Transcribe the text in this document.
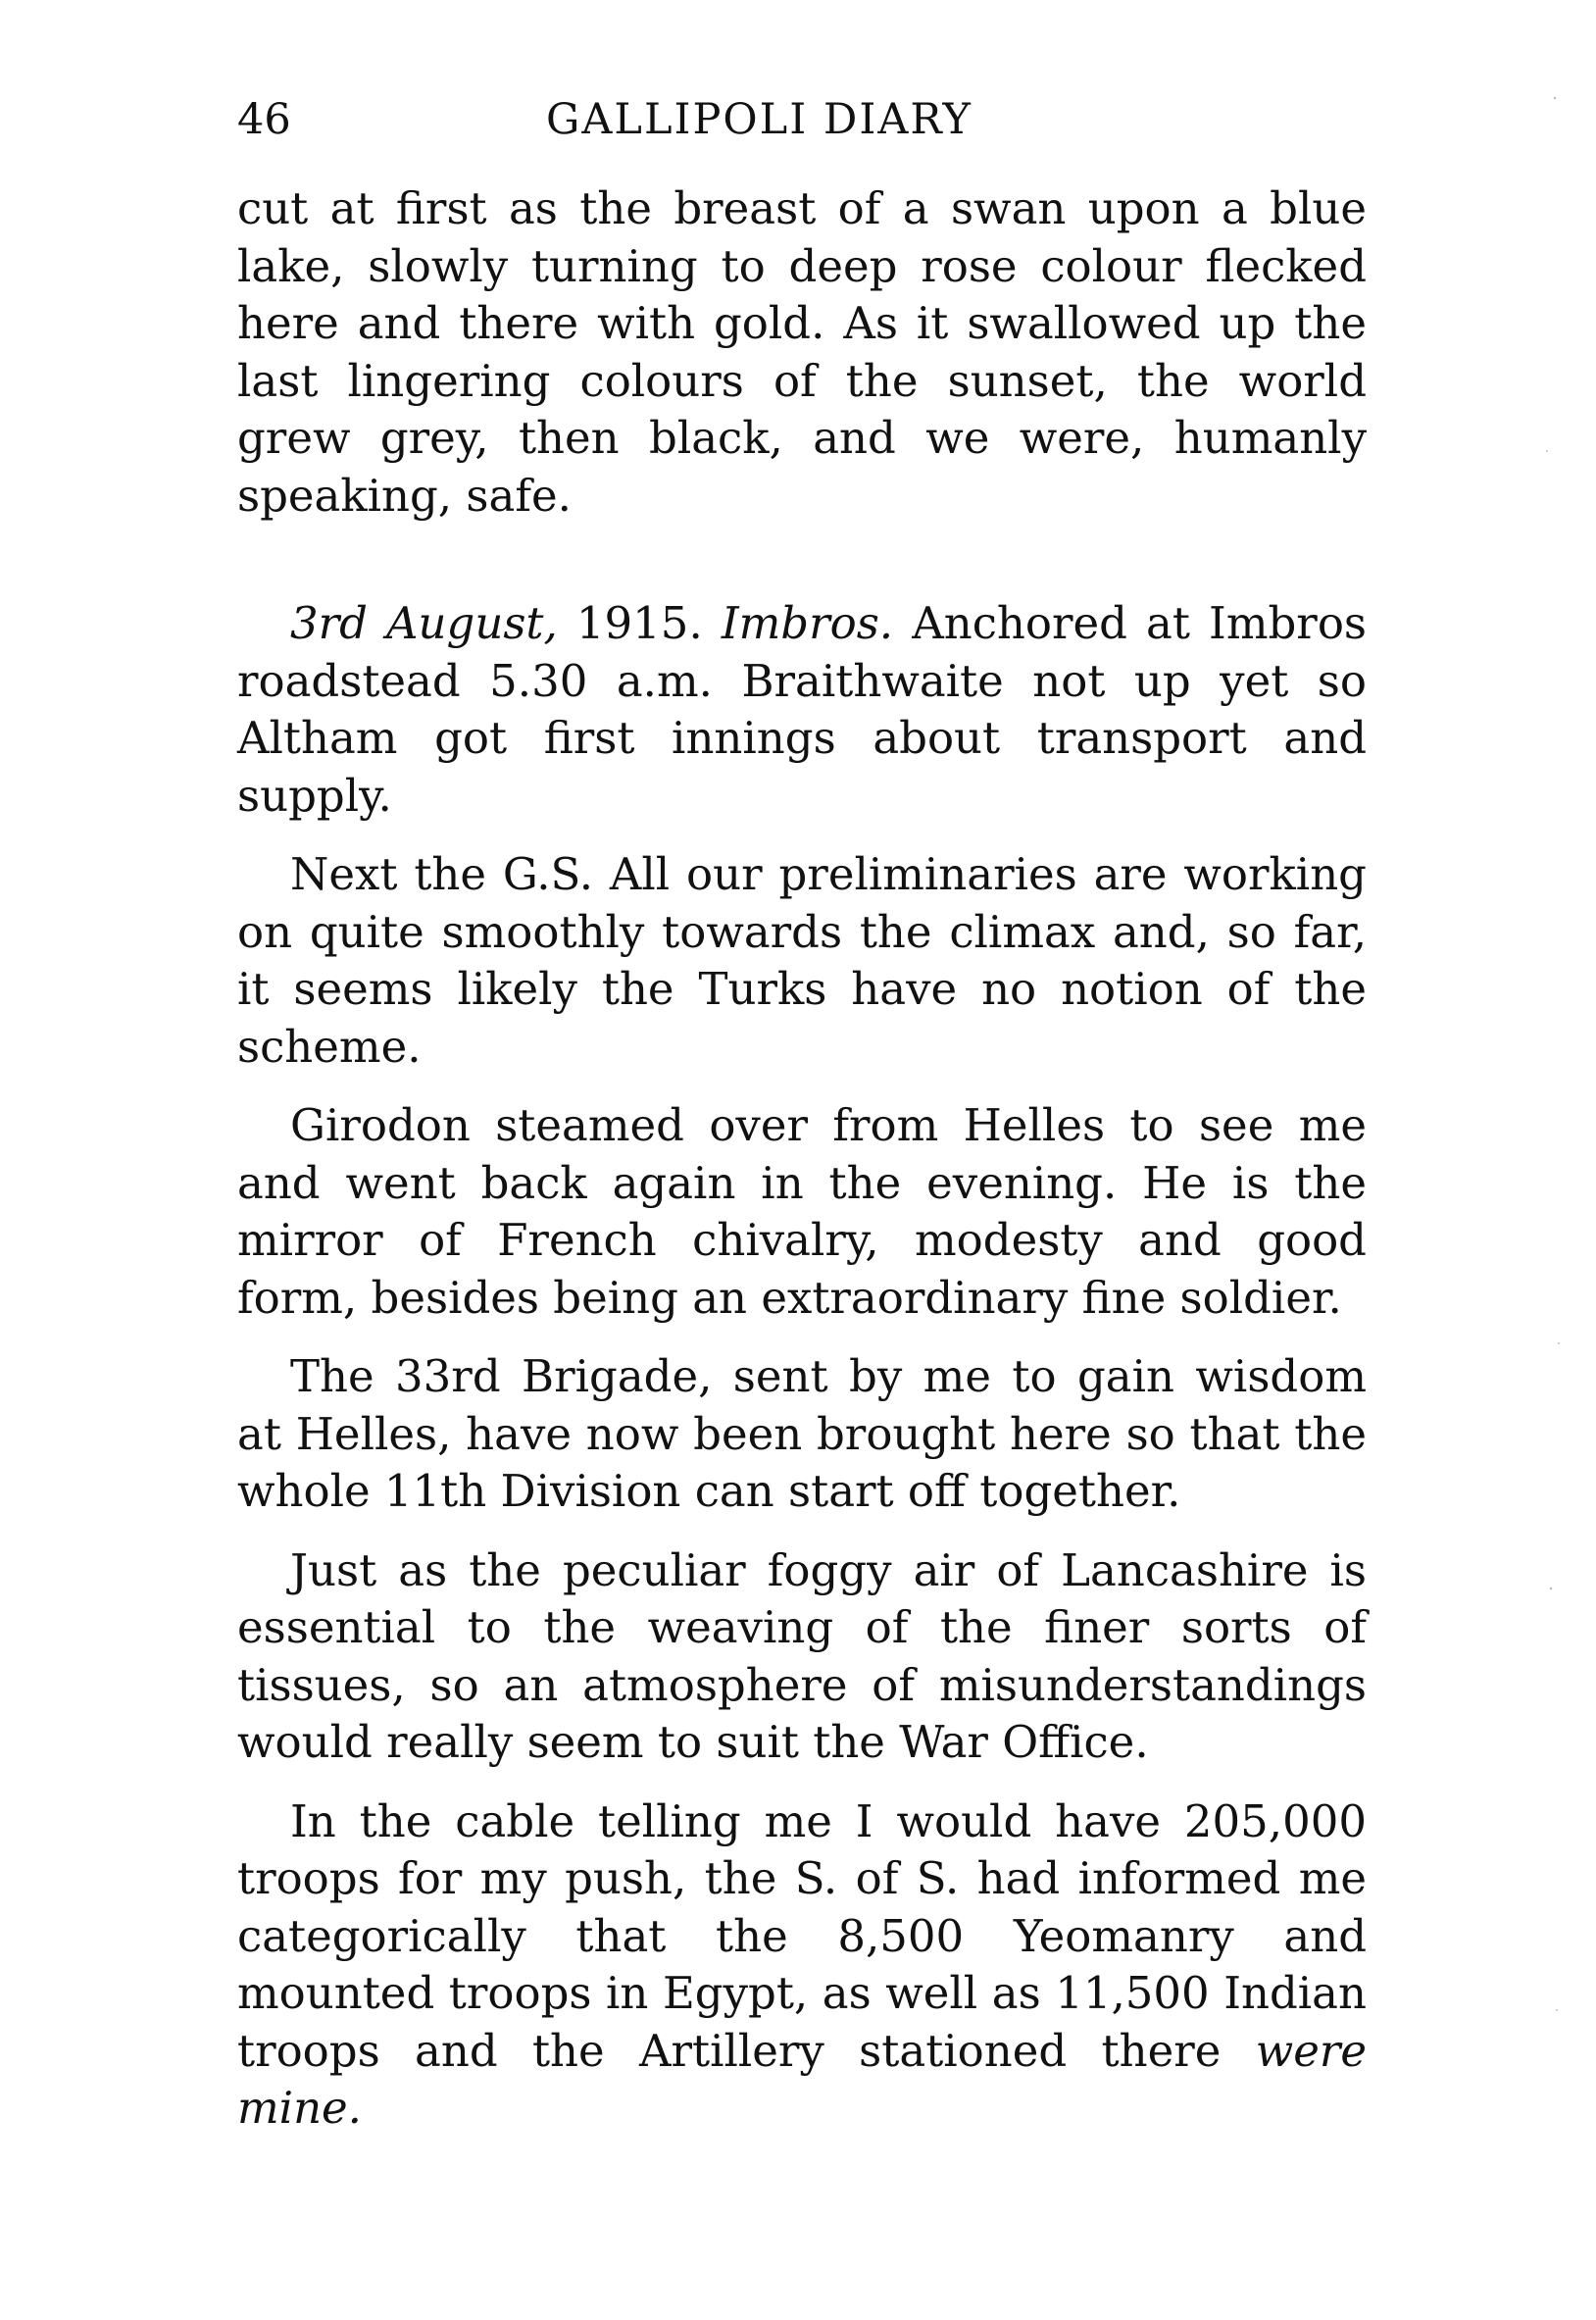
46	GALLIPOLI DIARY

cut at first as the breast of a swan upon a blue lake, slowly turning to deep rose colour flecked here and there with gold. As it swallowed up the last lingering colours of the sunset, the world grew grey, then black, and we were, humanly speaking, safe.

3rd August, 1915. Imbros. Anchored at Imbros roadstead 5.30 a.m. Braithwaite not up yet so Altham got first innings about transport and supply.

Next the G.S. All our preliminaries are working on quite smoothly towards the climax and, so far, it seems likely the Turks have no notion of the scheme.

Girodon steamed over from Helles to see me and went back again in the evening. He is the mirror of French chivalry, modesty and good form, besides being an extraordinary fine soldier.

The 33rd Brigade, sent by me to gain wisdom at Helles, have now been brought here so that the whole 11th Division can start off together.

Just as the peculiar foggy air of Lancashire is essential to the weaving of the finer sorts of tissues, so an atmosphere of misunderstandings would really seem to suit the War Office.

In the cable telling me I would have 205,000 troops for my push, the S. of S. had informed me categorically that the 8,500 Yeomanry and mounted troops in Egypt, as well as 11,500 Indian troops and the Artillery stationed there were mine.
